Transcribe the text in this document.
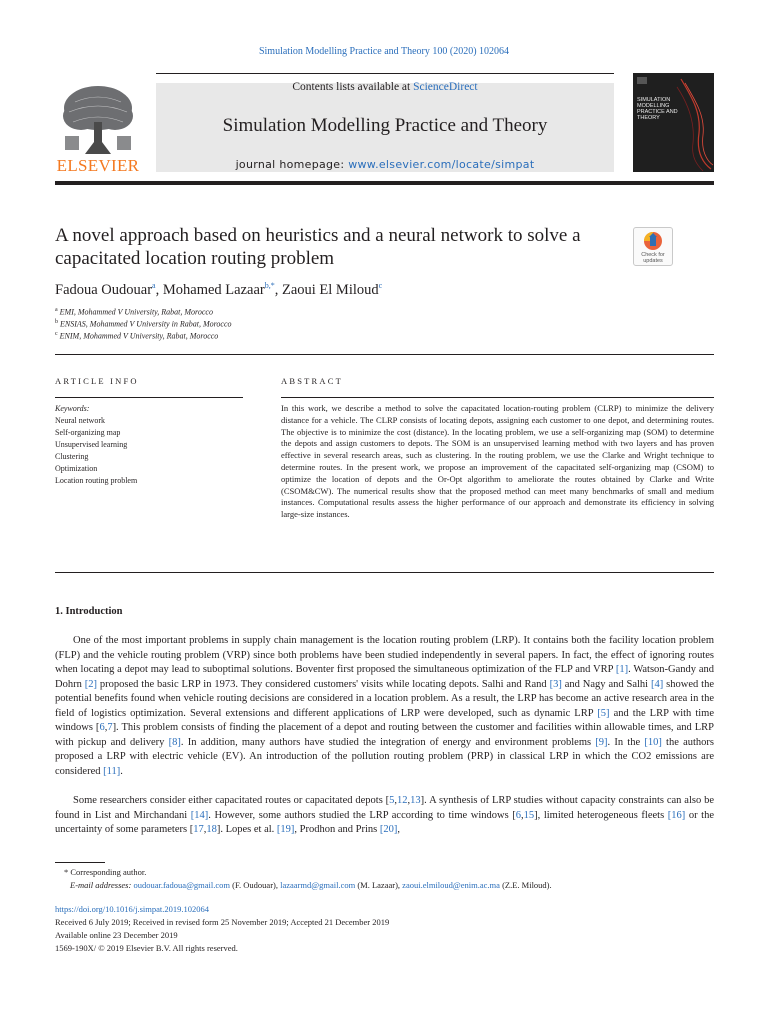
Simulation Modelling Practice and Theory 100 (2020) 102064
ELSEVIER
Contents lists available at ScienceDirect
Simulation Modelling Practice and Theory
journal homepage: www.elsevier.com/locate/simpat
SIMULATION MODELLING PRACTICE AND THEORY
A novel approach based on heuristics and a neural network to solve a capacitated location routing problem	Check for updates
Fadoua Oudouar$^a$, Mohamed Lazaar$^{b,*}$, Zaoui El Miloud$^c$
$^a$ EMI, Mohammed V University, Rabat, Morocco
$^b$ ENSIAS, Mohammed V University in Rabat, Morocco
$^c$ ENIM, Mohammed V University, Rabat, Morocco
ARTICLE INFO	ABSTRACT
Keywords:
Neural network
Self-organizing map
Unsupervised learning
Clustering
Optimization
Location routing problem
In this work, we describe a method to solve the capacitated location-routing problem (CLRP) to minimize the delivery distance for a vehicle. The CLRP consists of locating depots, assigning each customer to one depot, and determining routes. The objective is to minimize the cost (distance). In the locating problem, we use a self-organizing map (SOM) to determine the depots and assign customers to depots. The SOM is an unsupervised learning method with two layers and has proven effective in several research areas, such as clustering. In the routing problem, we use the Clarke and Wright technique to determine routes. In the present work, we propose an improvement of the capacitated self-organizing map (CSOM) to optimize the location of depots and the Or-Opt algorithm to ameliorate the routes obtained by Clarke and Write (CSOM&CW). The numerical results show that the proposed method can meet many benchmarks of small and medium instances. Computational results assess the higher performance of our approach and demonstrate its efficiency in solving large-size instances.
1. Introduction
One of the most important problems in supply chain management is the location routing problem (LRP). It contains both the facility location problem (FLP) and the vehicle routing problem (VRP) since both problems have been studied independently in several papers. In fact, the effect of ignoring routes when locating a depot may lead to suboptimal solutions. Boventer first proposed the simultaneous optimization of the FLP and VRP [1]. Watson-Gandy and Dohrn [2] proposed the basic LRP in 1973. They considered customers' visits while locating depots. Salhi and Rand [3] and Nagy and Salhi [4] showed the potential benefits found when vehicle routing decisions are considered in a location problem. As a result, the LRP has become an active research area in the field of logistics optimization. Several extensions and different applications of LRP were developed, such as dynamic LRP [5] and the LRP with time windows [6,7]. This problem consists of finding the placement of a depot and routing between the customer and facilities within allowable times, and LRP with pickup and delivery [8]. In addition, many authors have studied the integration of energy and environment problems [9]. In the [10] the authors proposed a LRP with electric vehicle (EV). An introduction of the pollution routing problem (PRP) in classical LRP in which the CO2 emissions are considered [11].
Some researchers consider either capacitated routes or capacitated depots [5,12,13]. A synthesis of LRP studies without capacity constraints can also be found in List and Mirchandani [14]. However, some authors studied the LRP according to time windows [6,15], limited heterogeneous fleets [16] or the uncertainty of some parameters [17,18]. Lopes et al. [19], Prodhon and Prins [20],
* Corresponding author.
E-mail addresses: oudouar.fadoua@gmail.com (F. Oudouar), lazaarmd@gmail.com (M. Lazaar), zaoui.elmiloud@enim.ac.ma (Z.E. Miloud).
https://doi.org/10.1016/j.simpat.2019.102064
Received 6 July 2019; Received in revised form 25 November 2019; Accepted 21 December 2019
Available online 23 December 2019
1569-190X/ © 2019 Elsevier B.V. All rights reserved.
